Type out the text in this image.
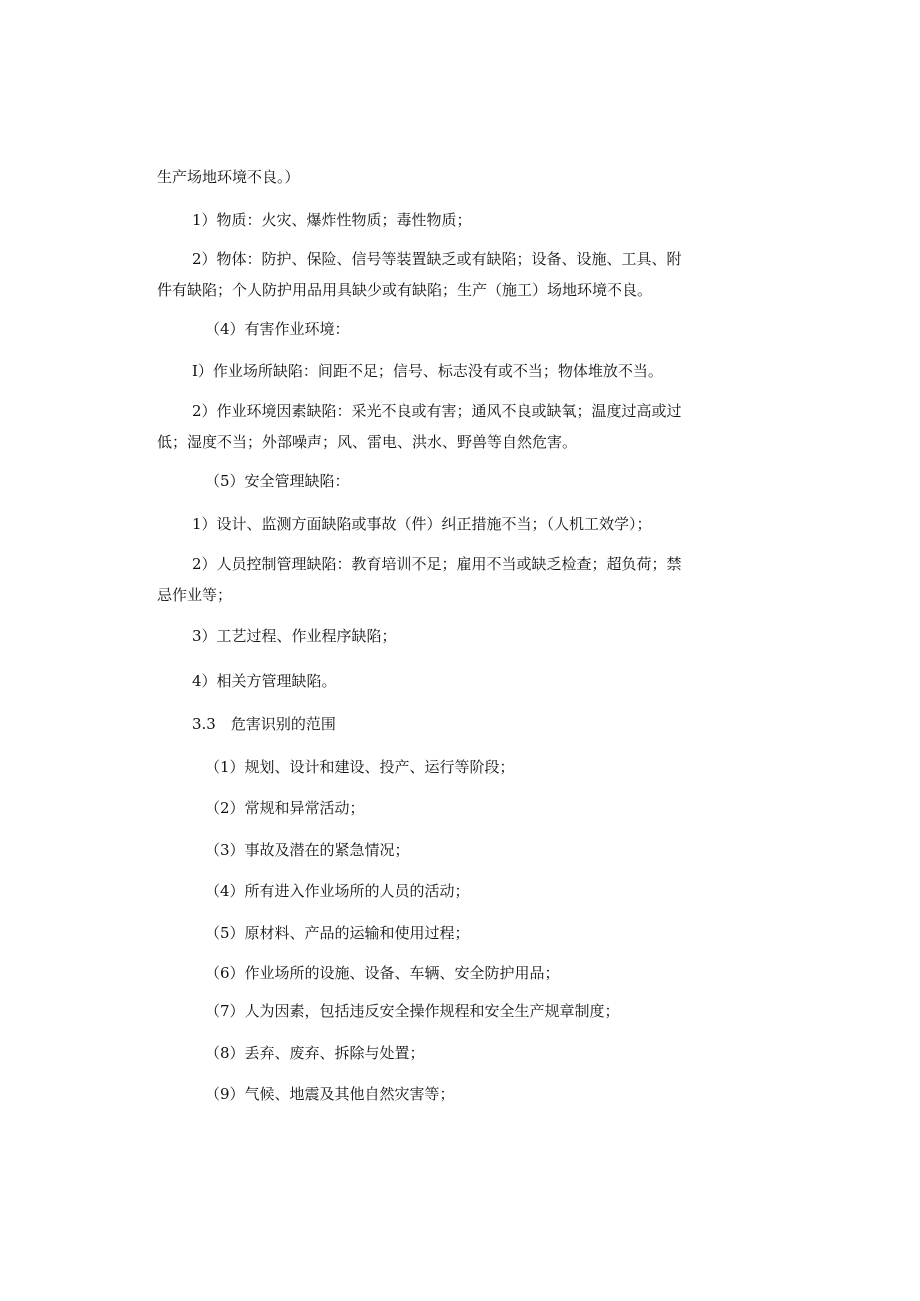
生产场地环境不良。）

1）物质：火灾、爆炸性物质；毒性物质；

2）物体：防护、保险、信号等装置缺乏或有缺陷；设备、设施、工具、附
件有缺陷；个人防护用品用具缺少或有缺陷；生产（施工）场地环境不良。

（4）有害作业环境：

I）作业场所缺陷：间距不足；信号、标志没有或不当；物体堆放不当。

2）作业环境因素缺陷：采光不良或有害；通风不良或缺氧；温度过高或过
低；湿度不当；外部噪声；风、雷电、洪水、野兽等自然危害。

（5）安全管理缺陷：

1）设计、监测方面缺陷或事故（件）纠正措施不当；（人机工效学）；

2）人员控制管理缺陷：教育培训不足；雇用不当或缺乏检查；超负荷；禁
忌作业等；

3）工艺过程、作业程序缺陷；

4）相关方管理缺陷。

3.3　危害识别的范围

（1）规划、设计和建设、投产、运行等阶段；

（2）常规和异常活动；

（3）事故及潜在的紧急情况；

（4）所有进入作业场所的人员的活动；

（5）原材料、产品的运输和使用过程；

（6）作业场所的设施、设备、车辆、安全防护用品；

（7）人为因素，包括违反安全操作规程和安全生产规章制度；

（8）丢弃、废弃、拆除与处置；

（9）气候、地震及其他自然灾害等；
